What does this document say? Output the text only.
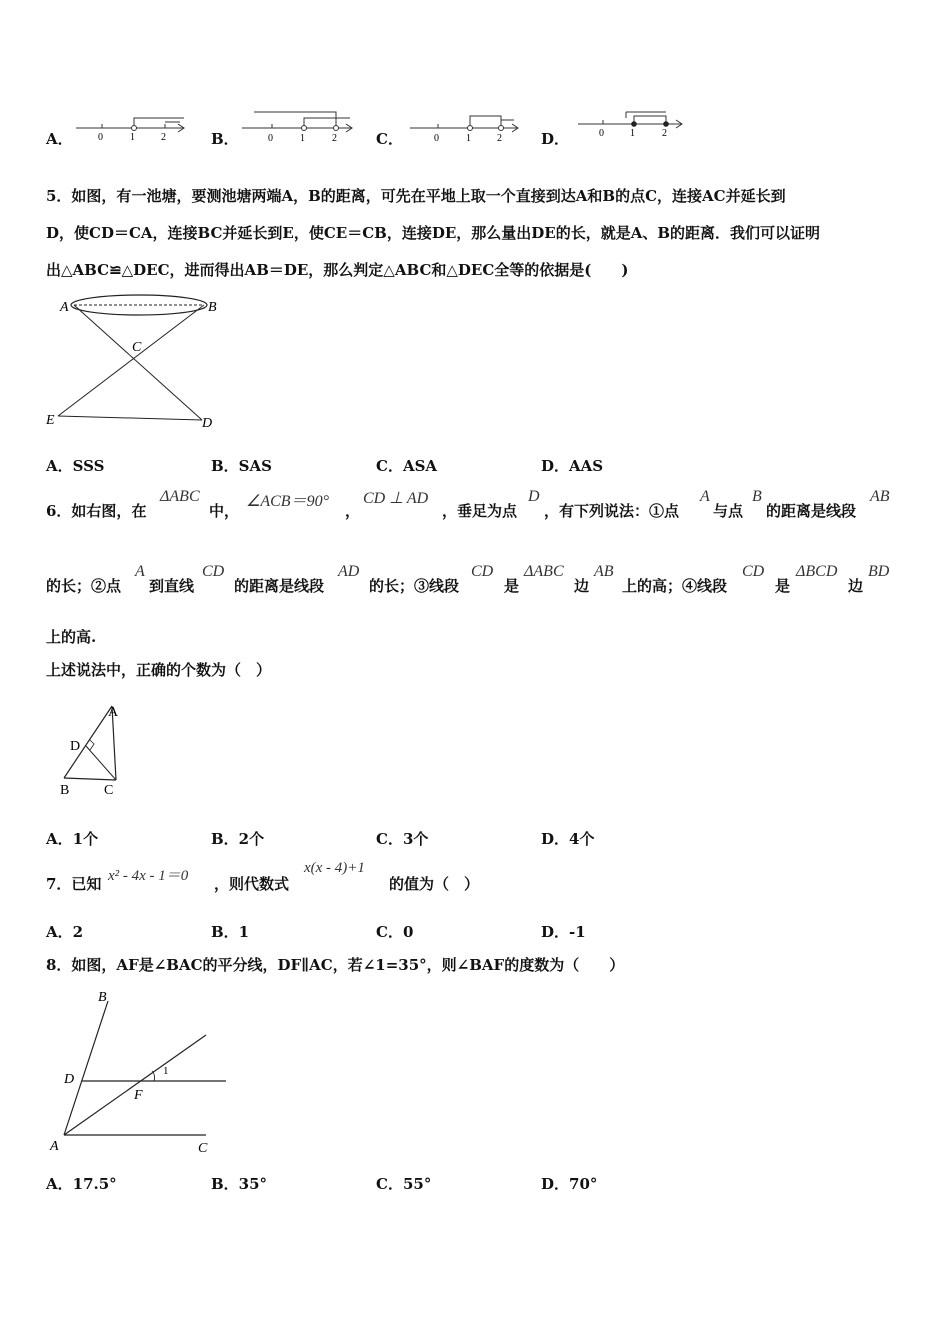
A．	0	1	2	B．	0	1	2	C．	0	1	2	D．	0	1	2
5．如图，有一池塘，要测池塘两端A，B的距离，可先在平地上取一个直接到达A和B的点C，连接AC并延长到
D，使CD＝CA，连接BC并延长到E，使CE＝CB，连接DE，那么量出DE的长，就是A、B的距离．我们可以证明
出△ABC≌△DEC，进而得出AB＝DE，那么判定△ABC和△DEC全等的依据是(　　)
A	B
C
D
E
A．SSS	B．SAS	C．ASA	D．AAS
6．如右图，在
ΔABC
中，
∠ACB＝90°
，
CD ⊥ AD
，垂足为点
D
，有下列说法：①点
A
与点
B
的距离是线段
AB
的长；②点
A
到直线
CD
的距离是线段
AD
的长；③线段
CD
是
ΔABC
边
AB
上的高；④线段
CD
是
ΔBCD
边
BD
上的高.
上述说法中，正确的个数为（　）
A
D
B C
A．1个	B．2个	C．3个	D．4个
7．已知 x² - 4x - 1＝0 ，则代数式
x(x - 4)+1
的值为（　）
A．2	B．1	C．0	D．-1
8．如图，AF是∠BAC的平分线，DF∥AC，若∠1=35°，则∠BAF的度数为（　　）
B
D
F
1
A	C
A．17.5°	B．35°	C．55°	D．70°
